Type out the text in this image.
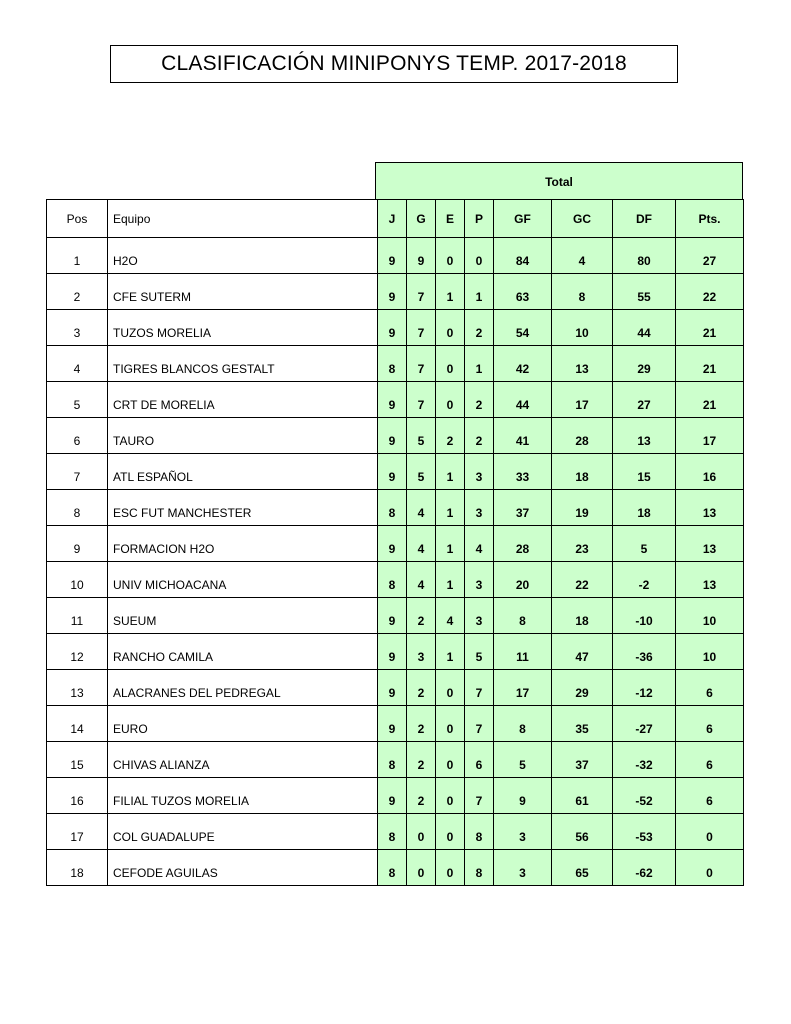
CLASIFICACIÓN MINIPONYS TEMP. 2017-2018
Total
Pos	Equipo	J	G	E	P	GF	GC	DF	Pts.

1	H2O	9	9	0	0	84	4	80	27

2	CFE SUTERM	9	7	1	1	63	8	55	22

3	TUZOS MORELIA	9	7	0	2	54	10	44	21

4	TIGRES BLANCOS GESTALT	8	7	0	1	42	13	29	21

5	CRT DE MORELIA	9	7	0	2	44	17	27	21

6	TAURO	9	5	2	2	41	28	13	17

7	ATL ESPAÑOL	9	5	1	3	33	18	15	16

8	ESC FUT MANCHESTER	8	4	1	3	37	19	18	13

9	FORMACION H2O	9	4	1	4	28	23	5	13

10	UNIV MICHOACANA	8	4	1	3	20	22	-2	13

11	SUEUM	9	2	4	3	8	18	-10	10

12	RANCHO CAMILA	9	3	1	5	11	47	-36	10

13	ALACRANES DEL PEDREGAL	9	2	0	7	17	29	-12	6

14	EURO	9	2	0	7	8	35	-27	6

15	CHIVAS ALIANZA	8	2	0	6	5	37	-32	6

16	FILIAL TUZOS MORELIA	9	2	0	7	9	61	-52	6

17	COL GUADALUPE	8	0	0	8	3	56	-53	0

18	CEFODE AGUILAS	8	0	0	8	3	65	-62	0
